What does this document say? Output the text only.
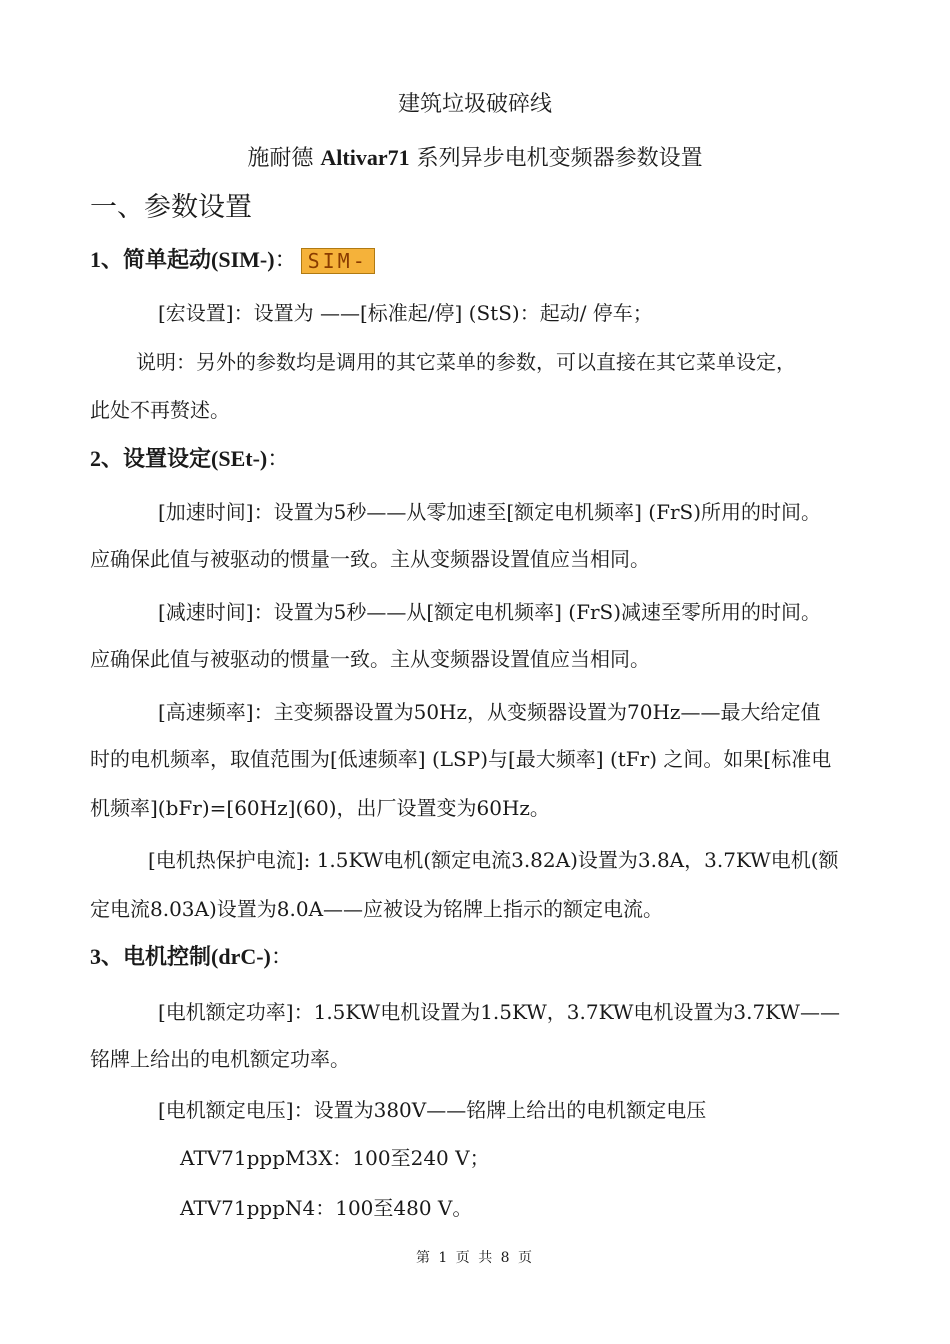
建筑垃圾破碎线
施耐德 Altivar71 系列异步电机变频器参数设置
一、参数设置
1、简单起动(SIM-)： SIM-
[宏设置]：设置为 ——[标准起/停] (StS)：起动/ 停车；
说明：另外的参数均是调用的其它菜单的参数，可以直接在其它菜单设定，
此处不再赘述。
2、设置设定(SEt-)：
[加速时间]：设置为5秒——从零加速至[额定电机频率] (FrS)所用的时间。
应确保此值与被驱动的惯量一致。主从变频器设置值应当相同。
[减速时间]：设置为5秒——从[额定电机频率] (FrS)减速至零所用的时间。
应确保此值与被驱动的惯量一致。主从变频器设置值应当相同。
[高速频率]：主变频器设置为50Hz，从变频器设置为70Hz——最大给定值
时的电机频率，取值范围为[低速频率] (LSP)与[最大频率] (tFr) 之间。如果[标准电
机频率](bFr)=[60Hz](60)，出厂设置变为60Hz。
[电机热保护电流]: 1.5KW电机(额定电流3.82A)设置为3.8A，3.7KW电机(额
定电流8.03A)设置为8.0A——应被设为铭牌上指示的额定电流。
3、电机控制(drC-)：
[电机额定功率]：1.5KW电机设置为1.5KW，3.7KW电机设置为3.7KW——
铭牌上给出的电机额定功率。
[电机额定电压]：设置为380V——铭牌上给出的电机额定电压
ATV71pppM3X：100至240 V；
ATV71pppN4：100至480 V。
第 1 页 共 8 页
